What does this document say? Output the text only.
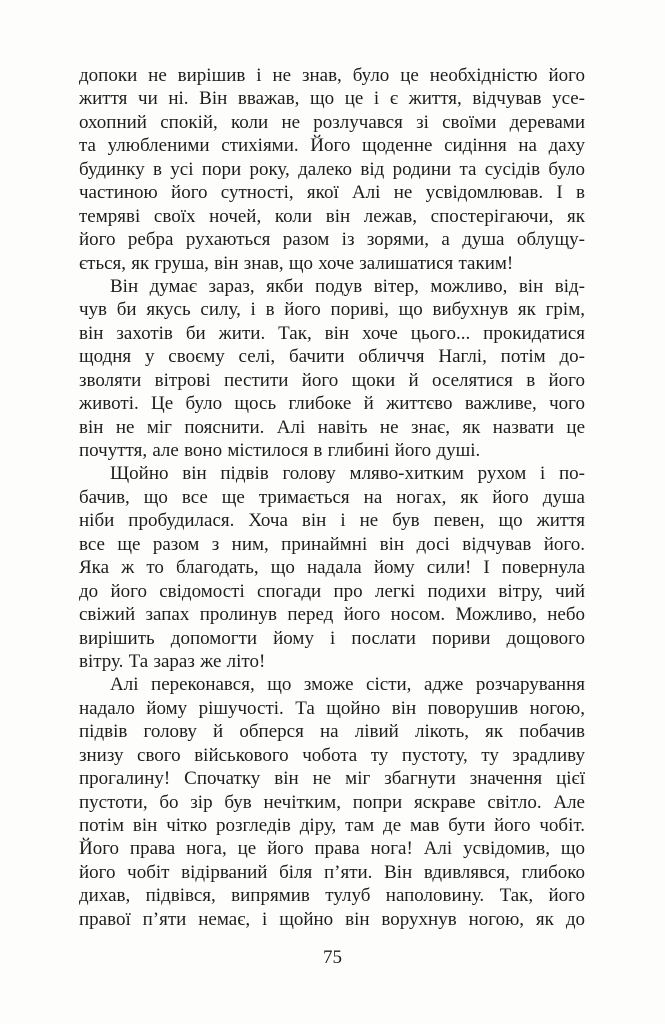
допоки не вирішив і не знав, було це необхідністю його
життя чи ні. Він вважав, що це і є життя, відчував усе-
охопний спокій, коли не розлучався зі своїми деревами
та улюбленими стихіями. Його щоденне сидіння на даху
будинку в усі пори року, далеко від родини та сусідів було
частиною його сутності, якої Алі не усвідомлював. І в
темряві своїх ночей, коли він лежав, спостерігаючи, як
його ребра рухаються разом із зорями, а душа облущу-
ється, як груша, він знав, що хоче залишатися таким!
Він думає зараз, якби подув вітер, можливо, він від-
чув би якусь силу, і в його пориві, що вибухнув як грім,
він захотів би жити. Так, він хоче цього... прокидатися
щодня у своєму селі, бачити обличчя Наглі, потім до-
зволяти вітрові пестити його щоки й оселятися в його
животі. Це було щось глибоке й життєво важливе, чого
він не міг пояснити. Алі навіть не знає, як назвати це
почуття, але воно містилося в глибині його душі.
Щойно він підвів голову мляво-хитким рухом і по-
бачив, що все ще тримається на ногах, як його душа
ніби пробудилася. Хоча він і не був певен, що життя
все ще разом з ним, принаймні він досі відчував його.
Яка ж то благодать, що надала йому сили! І повернула
до його свідомості спогади про легкі подихи вітру, чий
свіжий запах пролинув перед його носом. Можливо, небо
вирішить допомогти йому і послати пориви дощового
вітру. Та зараз же літо!
Алі переконався, що зможе сісти, адже розчарування
надало йому рішучості. Та щойно він поворушив ногою,
підвів голову й обперся на лівий лікоть, як побачив
знизу свого військового чобота ту пустоту, ту зрадливу
прогалину! Спочатку він не міг збагнути значення цієї
пустоти, бо зір був нечітким, попри яскраве світло. Але
потім він чітко розгледів діру, там де мав бути його чобіт.
Його права нога, це його права нога! Алі усвідомив, що
його чобіт відірваний біля п’яти. Він вдивлявся, глибоко
дихав, підвівся, випрямив тулуб наполовину. Так, його
правої п’яти немає, і щойно він ворухнув ногою, як до
75
